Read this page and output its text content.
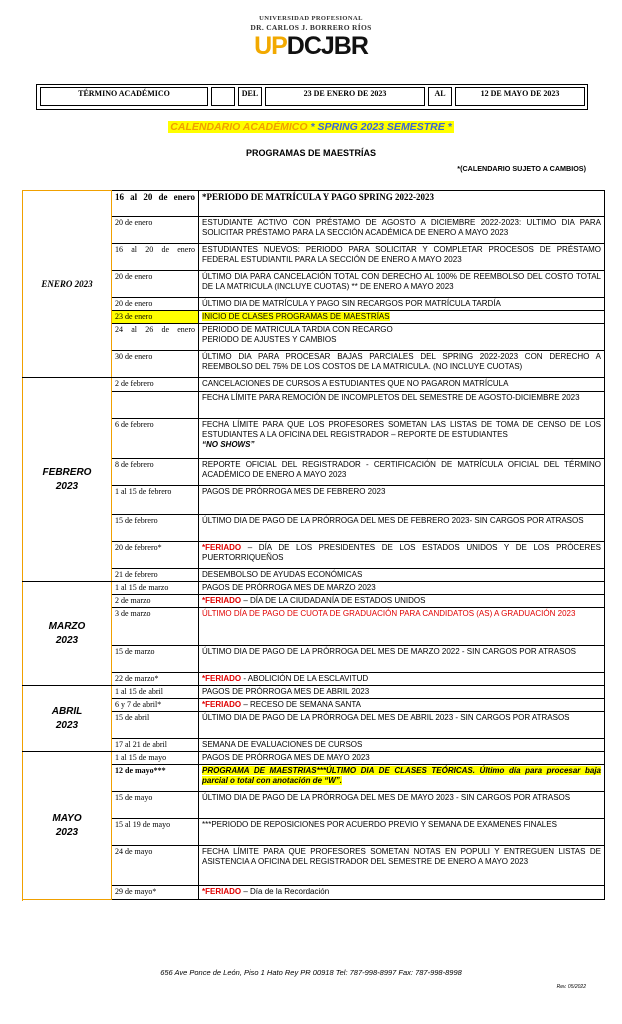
UNIVERSIDAD PROFESIONAL
DR. CARLOS J. BORRERO RÍOS
UPDCJBR
TÉRMINO ACADÉMICO	DEL	23 DE ENERO DE 2023	AL	12 DE MAYO DE 2023
CALENDARIO ACADÉMICO * SPRING 2023 SEMESTRE *
PROGRAMAS DE MAESTRÍAS
*(CALENDARIO SUJETO A CAMBIOS)
ENERO 2023	16 al 20 de enero	*PERIODO DE MATRÍCULA Y PAGO SPRING 2022-2023
	20 de enero	ESTUDIANTE ACTIVO CON PRÉSTAMO DE AGOSTO A DICIEMBRE 2022-2023: ULTIMO DIA PARA SOLICITAR PRÉSTAMO PARA LA SECCIÓN ACADÉMICA DE ENERO A MAYO 2023
	16 al 20 de enero	ESTUDIANTES NUEVOS: PERIODO PARA SOLICITAR Y COMPLETAR PROCESOS DE PRÉSTAMO FEDERAL ESTUDIANTIL PARA LA SECCIÓN DE ENERO A MAYO 2023
	20 de enero	ÚLTIMO DIA PARA CANCELACIÓN TOTAL CON DERECHO AL 100% DE REEMBOLSO DEL COSTO TOTAL DE LA MATRICULA (INCLUYE CUOTAS) ** DE ENERO A MAYO 2023
	20 de enero	ÚLTIMO DIA DE MATRÍCULA Y PAGO SIN RECARGOS POR MATRÍCULA TARDÍA
	23 de enero	INICIO DE CLASES PROGRAMAS DE MAESTRÍAS
	24 al 26 de enero	PERIODO DE MATRICULA TARDIA CON RECARGO
PERIODO DE AJUSTES Y CAMBIOS

	30 de enero	ÚLTIMO DIA PARA PROCESAR BAJAS PARCIALES DEL SPRING 2022-2023 CON DERECHO A REEMBOLSO DEL 75% DE LOS COSTOS DE LA MATRICULA. (NO INCLUYE CUOTAS)

FEBRERO
2023	2 de febrero	CANCELACIONES DE CURSOS A ESTUDIANTES QUE NO PAGARON MATRÍCULA
		FECHA LÍMITE PARA REMOCIÓN DE INCOMPLETOS DEL SEMESTRE DE AGOSTO-DICIEMBRE 2023
	6 de febrero	FECHA LÍMITE PARA QUE LOS PROFESORES SOMETAN LAS LISTAS DE TOMA DE CENSO DE LOS ESTUDIANTES A LA OFICINA DEL REGISTRADOR – REPORTE DE ESTUDIANTES
“NO SHOWS”

	8 de febrero	REPORTE OFICIAL DEL REGISTRADOR - CERTIFICACIÓN DE MATRÍCULA OFICIAL DEL TÉRMINO ACADÉMICO DE ENERO A MAYO 2023
	1 al 15 de febrero	PAGOS DE PRÓRROGA MES DE FEBRERO 2023
	15 de febrero	ÚLTIMO DIA DE PAGO DE LA PRÓRROGA DEL MES DE FEBRERO 2023- SIN CARGOS POR ATRASOS
	20 de febrero*	*FERIADO – DÍA DE LOS PRESIDENTES DE LOS ESTADOS UNIDOS Y DE LOS PRÓCERES PUERTORRIQUEÑOS
	21 de febrero	DESEMBOLSO DE AYUDAS ECONÓMICAS

MARZO
2023	1 al 15 de marzo	PAGOS DE PRÓRROGA MES DE MARZO 2023
	2 de marzo	*FERIADO – DÍA DE LA CIUDADANÍA DE ESTADOS UNIDOS
	3 de marzo	ÚLTIMO DÍA DE PAGO DE CUOTA DE GRADUACIÓN PARA CANDIDATOS (AS) A GRADUACIÓN 2023
	15 de marzo	ÚLTIMO DIA DE PAGO DE LA PRÓRROGA DEL MES DE MARZO 2022 - SIN CARGOS POR ATRASOS
	22 de marzo*	*FERIADO - ABOLICIÓN DE LA ESCLAVITUD

ABRIL
2023	1 al 15 de abril	PAGOS DE PRÓRROGA MES DE ABRIL 2023
	6 y 7 de abril*	*FERIADO – RECESO DE SEMANA SANTA
	15 de abril	ÚLTIMO DIA DE PAGO DE LA PRÓRROGA DEL MES DE ABRIL 2023 - SIN CARGOS POR ATRASOS
	17 al 21 de abril	SEMANA DE EVALUACIONES DE CURSOS

MAYO
2023	1 al 15 de mayo	PAGOS DE PRÓRROGA MES DE MAYO 2023
	12 de mayo***	PROGRAMA DE MAESTRIAS***ÚLTIMO DIA DE CLASES TEÓRICAS. Último día para procesar baja parcial o total con anotación de “W”.
	15 de mayo	ÚLTIMO DIA DE PAGO DE LA PRÓRROGA DEL MES DE MAYO 2023 - SIN CARGOS POR ATRASOS
	15 al 19 de mayo	***PERIODO DE REPOSICIONES POR ACUERDO PREVIO Y SEMANA DE EXAMENES FINALES
	24 de mayo	FECHA LÍMITE PARA QUE PROFESORES SOMETAN NOTAS EN POPULI Y ENTREGUEN LISTAS DE ASISTENCIA A OFICINA DEL REGISTRADOR DEL SEMESTRE DE ENERO A MAYO 2023
	29 de mayo*	*FERIADO – Día de la Recordación

656 Ave Ponce de León, Piso 1 Hato Rey PR 00918 Tel: 787-998-8997 Fax: 787-998-8998
Rev. 05/2022
